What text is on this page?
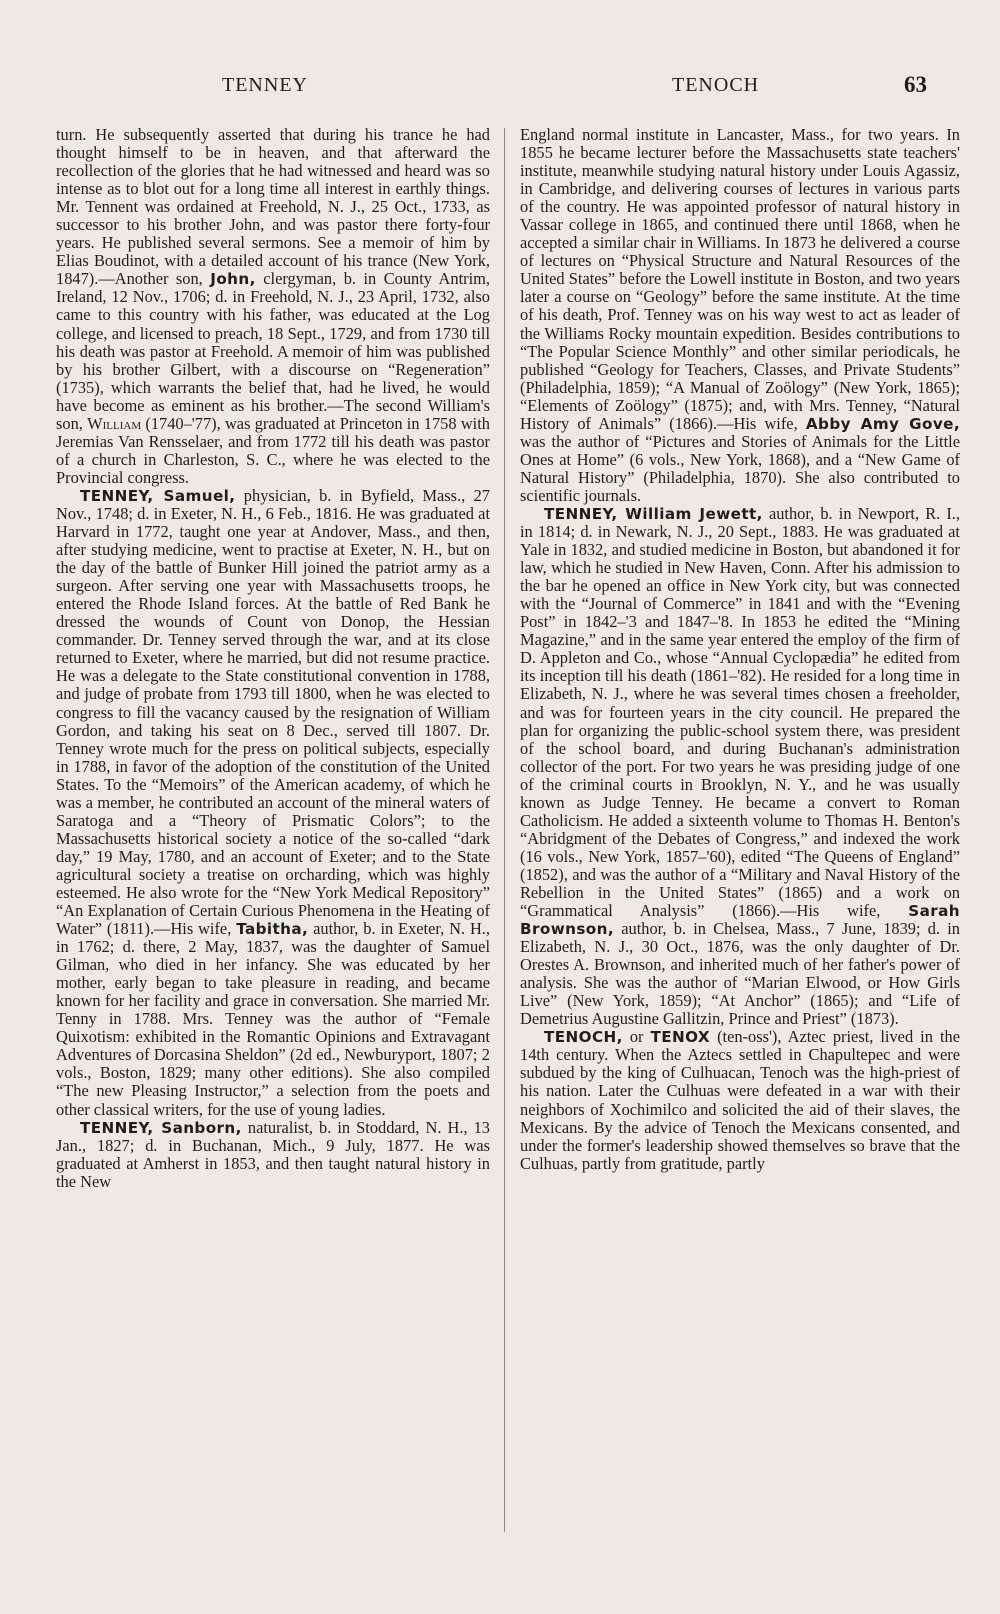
TENNEY	TENOCH	63

turn. He subsequently asserted that during his trance he had thought himself to be in heaven, and that afterward the recollection of the glories that he had witnessed and heard was so intense as to blot out for a long time all interest in earthly things. Mr. Tennent was ordained at Freehold, N. J., 25 Oct., 1733, as successor to his brother John, and was pastor there forty-four years. He published several sermons. See a memoir of him by Elias Boudinot, with a detailed account of his trance (New York, 1847).—Another son, John, clergyman, b. in County Antrim, Ireland, 12 Nov., 1706; d. in Freehold, N. J., 23 April, 1732, also came to this country with his father, was educated at the Log college, and licensed to preach, 18 Sept., 1729, and from 1730 till his death was pastor at Freehold. A memoir of him was published by his brother Gilbert, with a discourse on “Regeneration” (1735), which warrants the belief that, had he lived, he would have become as eminent as his brother.—The second William's son, William (1740–'77), was graduated at Princeton in 1758 with Jeremias Van Rensselaer, and from 1772 till his death was pastor of a church in Charleston, S. C., where he was elected to the Provincial congress.

TENNEY, Samuel, physician, b. in Byfield, Mass., 27 Nov., 1748; d. in Exeter, N. H., 6 Feb., 1816. He was graduated at Harvard in 1772, taught one year at Andover, Mass., and then, after studying medicine, went to practise at Exeter, N. H., but on the day of the battle of Bunker Hill joined the patriot army as a surgeon. After serving one year with Massachusetts troops, he entered the Rhode Island forces. At the battle of Red Bank he dressed the wounds of Count von Donop, the Hessian commander. Dr. Tenney served through the war, and at its close returned to Exeter, where he married, but did not resume practice. He was a delegate to the State constitutional convention in 1788, and judge of probate from 1793 till 1800, when he was elected to congress to fill the vacancy caused by the resignation of William Gordon, and taking his seat on 8 Dec., served till 1807. Dr. Tenney wrote much for the press on political subjects, especially in 1788, in favor of the adoption of the constitution of the United States. To the “Memoirs” of the American academy, of which he was a member, he contributed an account of the mineral waters of Saratoga and a “Theory of Prismatic Colors”; to the Massachusetts historical society a notice of the so-called “dark day,” 19 May, 1780, and an account of Exeter; and to the State agricultural society a treatise on orcharding, which was highly esteemed. He also wrote for the “New York Medical Repository” “An Explanation of Certain Curious Phenomena in the Heating of Water” (1811).—His wife, Tabitha, author, b. in Exeter, N. H., in 1762; d. there, 2 May, 1837, was the daughter of Samuel Gilman, who died in her infancy. She was educated by her mother, early began to take pleasure in reading, and became known for her facility and grace in conversation. She married Mr. Tenny in 1788. Mrs. Tenney was the author of “Female Quixotism: exhibited in the Romantic Opinions and Extravagant Adventures of Dorcasina Sheldon” (2d ed., Newburyport, 1807; 2 vols., Boston, 1829; many other editions). She also compiled “The new Pleasing Instructor,” a selection from the poets and other classical writers, for the use of young ladies.

TENNEY, Sanborn, naturalist, b. in Stoddard, N. H., 13 Jan., 1827; d. in Buchanan, Mich., 9 July, 1877. He was graduated at Amherst in 1853, and then taught natural history in the New

England normal institute in Lancaster, Mass., for two years. In 1855 he became lecturer before the Massachusetts state teachers' institute, meanwhile studying natural history under Louis Agassiz, in Cambridge, and delivering courses of lectures in various parts of the country. He was appointed professor of natural history in Vassar college in 1865, and continued there until 1868, when he accepted a similar chair in Williams. In 1873 he delivered a course of lectures on “Physical Structure and Natural Resources of the United States” before the Lowell institute in Boston, and two years later a course on “Geology” before the same institute. At the time of his death, Prof. Tenney was on his way west to act as leader of the Williams Rocky mountain expedition. Besides contributions to “The Popular Science Monthly” and other similar periodicals, he published “Geology for Teachers, Classes, and Private Students” (Philadelphia, 1859); “A Manual of Zoölogy” (New York, 1865); “Elements of Zoölogy” (1875); and, with Mrs. Tenney, “Natural History of Animals” (1866).—His wife, Abby Amy Gove, was the author of “Pictures and Stories of Animals for the Little Ones at Home” (6 vols., New York, 1868), and a “New Game of Natural History” (Philadelphia, 1870). She also contributed to scientific journals.

TENNEY, William Jewett, author, b. in Newport, R. I., in 1814; d. in Newark, N. J., 20 Sept., 1883. He was graduated at Yale in 1832, and studied medicine in Boston, but abandoned it for law, which he studied in New Haven, Conn. After his admission to the bar he opened an office in New York city, but was connected with the “Journal of Commerce” in 1841 and with the “Evening Post” in 1842–'3 and 1847–'8. In 1853 he edited the “Mining Magazine,” and in the same year entered the employ of the firm of D. Appleton and Co., whose “Annual Cyclopædia” he edited from its inception till his death (1861–'82). He resided for a long time in Elizabeth, N. J., where he was several times chosen a freeholder, and was for fourteen years in the city council. He prepared the plan for organizing the public-school system there, was president of the school board, and during Buchanan's administration collector of the port. For two years he was presiding judge of one of the criminal courts in Brooklyn, N. Y., and he was usually known as Judge Tenney. He became a convert to Roman Catholicism. He added a sixteenth volume to Thomas H. Benton's “Abridgment of the Debates of Congress,” and indexed the work (16 vols., New York, 1857–'60), edited “The Queens of England” (1852), and was the author of a “Military and Naval History of the Rebellion in the United States” (1865) and a work on “Grammatical Analysis” (1866).—His wife, Sarah Brownson, author, b. in Chelsea, Mass., 7 June, 1839; d. in Elizabeth, N. J., 30 Oct., 1876, was the only daughter of Dr. Orestes A. Brownson, and inherited much of her father's power of analysis. She was the author of “Marian Elwood, or How Girls Live” (New York, 1859); “At Anchor” (1865); and “Life of Demetrius Augustine Gallitzin, Prince and Priest” (1873).

TENOCH, or TENOX (ten-oss'), Aztec priest, lived in the 14th century. When the Aztecs settled in Chapultepec and were subdued by the king of Culhuacan, Tenoch was the high-priest of his nation. Later the Culhuas were defeated in a war with their neighbors of Xochimilco and solicited the aid of their slaves, the Mexicans. By the advice of Tenoch the Mexicans consented, and under the former's leadership showed themselves so brave that the Culhuas, partly from gratitude, partly
